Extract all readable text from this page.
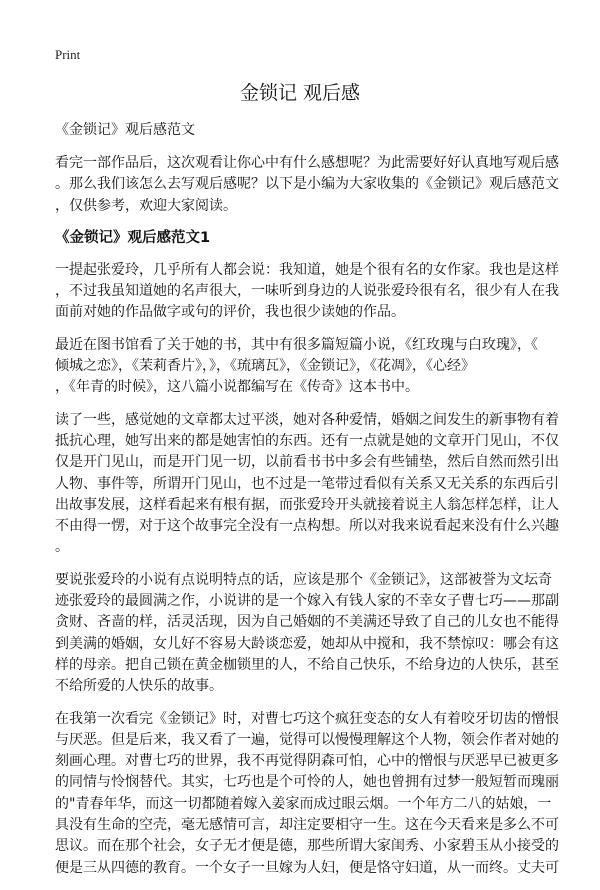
Print
金锁记 观后感
《金锁记》观后感范文
看完一部作品后，这次观看让你心中有什么感想呢？为此需要好好认真地写观后感
。那么我们该怎么去写观后感呢？以下是小编为大家收集的《金锁记》观后感范文
，仅供参考，欢迎大家阅读。
《金锁记》观后感范文1
一提起张爱玲，几乎所有人都会说：我知道，她是个很有名的女作家。我也是这样
，不过我虽知道她的名声很大，一味听到身边的人说张爱玲很有名，很少有人在我
面前对她的作品做字或句的评价，我也很少读她的作品。
最近在图书馆看了关于她的书，其中有很多篇短篇小说，《红玫瑰与白玫瑰》，《
倾城之恋》，《茉莉香片》，》，《琉璃瓦》，《金锁记》，《花凋》，《心经》
，《年青的时候》，这八篇小说都编写在《传奇》这本书中。
读了一些，感觉她的文章都太过平淡，她对各种爱情，婚姻之间发生的新事物有着
抵抗心理，她写出来的都是她害怕的东西。还有一点就是她的文章开门见山，不仅
仅是开门见山，而是开门见一切，以前看书书中多会有些铺垫，然后自然而然引出
人物、事件等，所谓开门见山，也不过是一笔带过看似有关系又无关系的东西后引
出故事发展，这样看起来有根有据，而张爱玲开头就接着说主人翁怎样怎样，让人
不由得一愣，对于这个故事完全没有一点构想。所以对我来说看起来没有什么兴趣
。
要说张爱玲的小说有点说明特点的话，应该是那个《金锁记》，这部被誉为文坛奇
迹张爱玲的最圆满之作，小说讲的是一个嫁入有钱人家的不幸女子曹七巧——那副
贪财、吝啬的样，活灵活现，因为自己婚姻的不美满还导致了自己的儿女也不能得
到美满的婚姻，女儿好不容易大龄谈恋爱，她却从中搅和，我不禁惊叹：哪会有这
样的母亲。把自己锁在黄金枷锁里的人，不给自己快乐，不给身边的人快乐，甚至
不给所爱的人快乐的故事。
在我第一次看完《金锁记》时，对曹七巧这个疯狂变态的女人有着咬牙切齿的憎恨
与厌恶。但是后来，我又看了一遍，觉得可以慢慢理解这个人物，领会作者对她的
刻画心理。对曹七巧的世界，我不再觉得阴森可怕，心中的憎恨与厌恶早已被更多
的同情与怜悯替代。其实，七巧也是个可怜的人，她也曾拥有过梦一般短暂而瑰丽
的"青春年华，而这一切都随着嫁入姜家而成过眼云烟。一个年方二八的姑娘，一
具没有生命的空壳，毫无感情可言，却注定要相守一生。这在今天看来是多么不可
思议。而在那个社会，女子无才便是德，那些所谓大家闺秀、小家碧玉从小接受的
便是三从四德的教育。一个女子一旦嫁为人妇，便是恪守妇道，从一而终。丈夫可
